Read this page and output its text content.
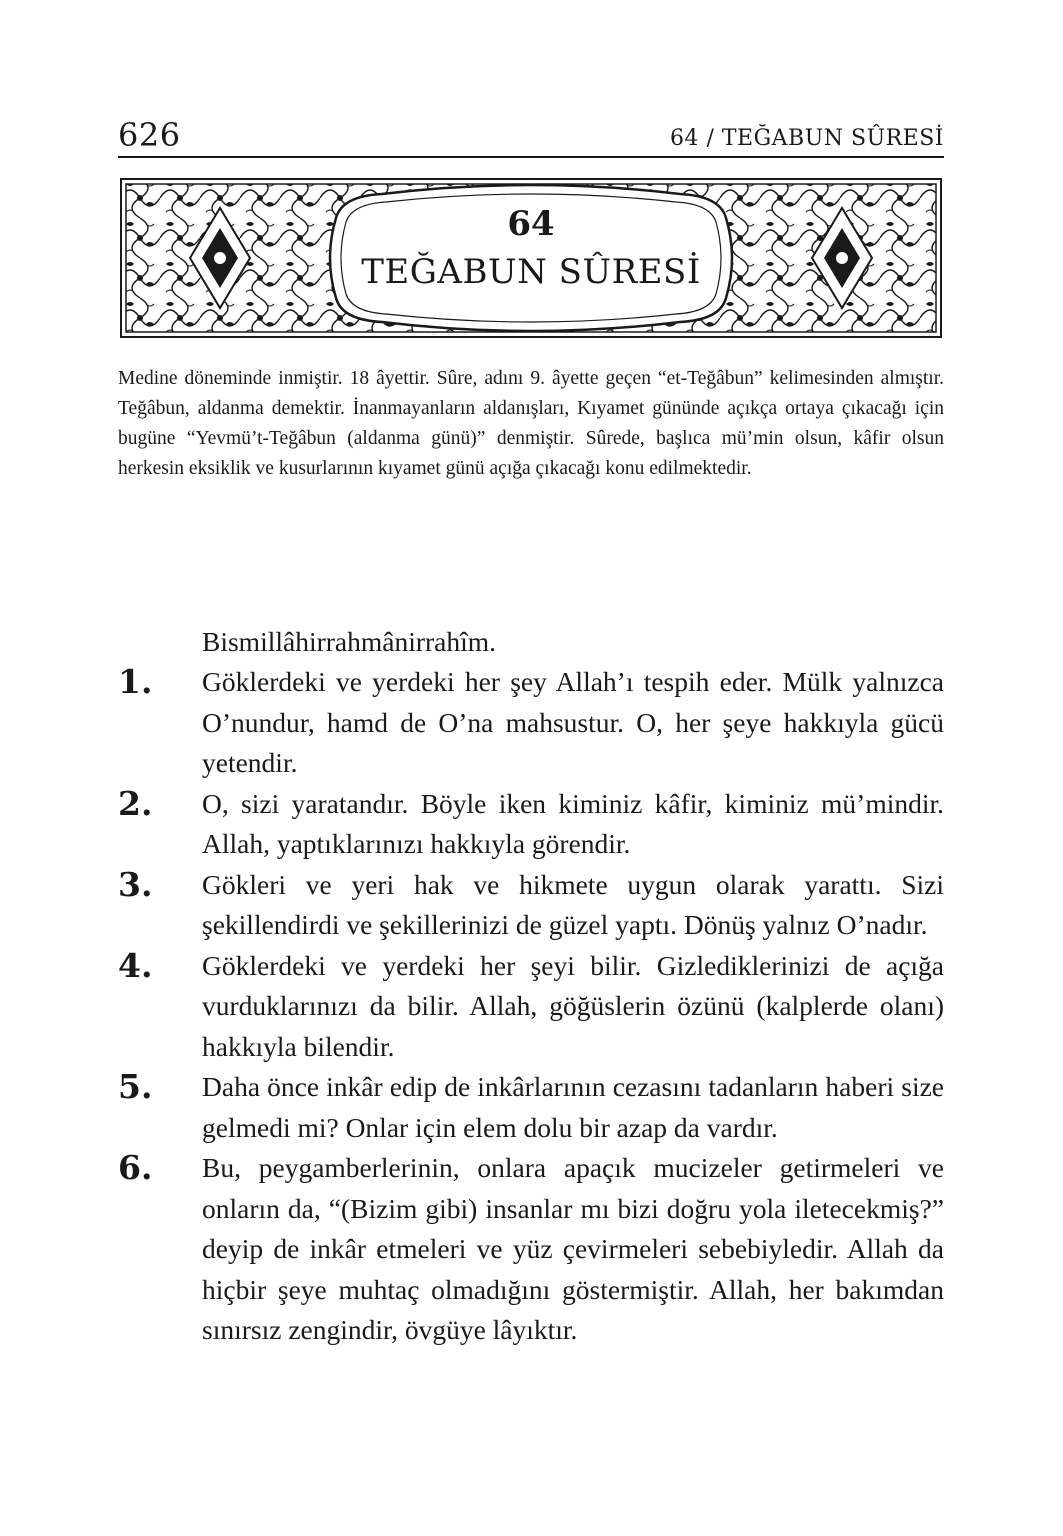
626	64 / TEĞABUN SÛRESİ
64
TEĞABUN SÛRESİ

Medine döneminde inmiştir. 18 âyettir. Sûre, adını 9. âyette geçen “et-Teğâbun” kelimesinden almıştır. Teğâbun, aldanma demektir. İnanmayanların aldanışları, Kıyamet gününde açıkça ortaya çıkacağı için bugüne “Yevmü’t-Teğâbun (aldanma günü)” denmiştir. Sûrede, başlıca mü’min olsun, kâfir olsun herkesin eksiklik ve kusurlarının kıyamet günü açığa çıkacağı konu edilmektedir.

Bismillâhirrahmânirrahîm.

1.	Göklerdeki ve yerdeki her şey Allah’ı tespih eder. Mülk yalnızca O’nundur, hamd de O’na mahsustur. O, her şeye hakkıyla gücü yetendir.
2.	O, sizi yaratandır. Böyle iken kiminiz kâfir, kiminiz mü’mindir. Allah, yaptıklarınızı hakkıyla görendir.
3.	Gökleri ve yeri hak ve hikmete uygun olarak yarattı. Sizi şekillendirdi ve şekillerinizi de güzel yaptı. Dönüş yalnız O’nadır.
4.	Göklerdeki ve yerdeki her şeyi bilir. Gizlediklerinizi de açığa vurduklarınızı da bilir. Allah, göğüslerin özünü (kalplerde olanı) hakkıyla bilendir.
5.	Daha önce inkâr edip de inkârlarının cezasını tadanların haberi size gelmedi mi? Onlar için elem dolu bir azap da vardır.
6.	Bu, peygamberlerinin, onlara apaçık mucizeler getirmeleri ve onların da, “(Bizim gibi) insanlar mı bizi doğru yola iletecekmiş?” deyip de inkâr etmeleri ve yüz çevirmeleri sebebiyledir. Allah da hiçbir şeye muhtaç olmadığını göstermiştir. Allah, her bakımdan sınırsız zengindir, övgüye lâyıktır.
